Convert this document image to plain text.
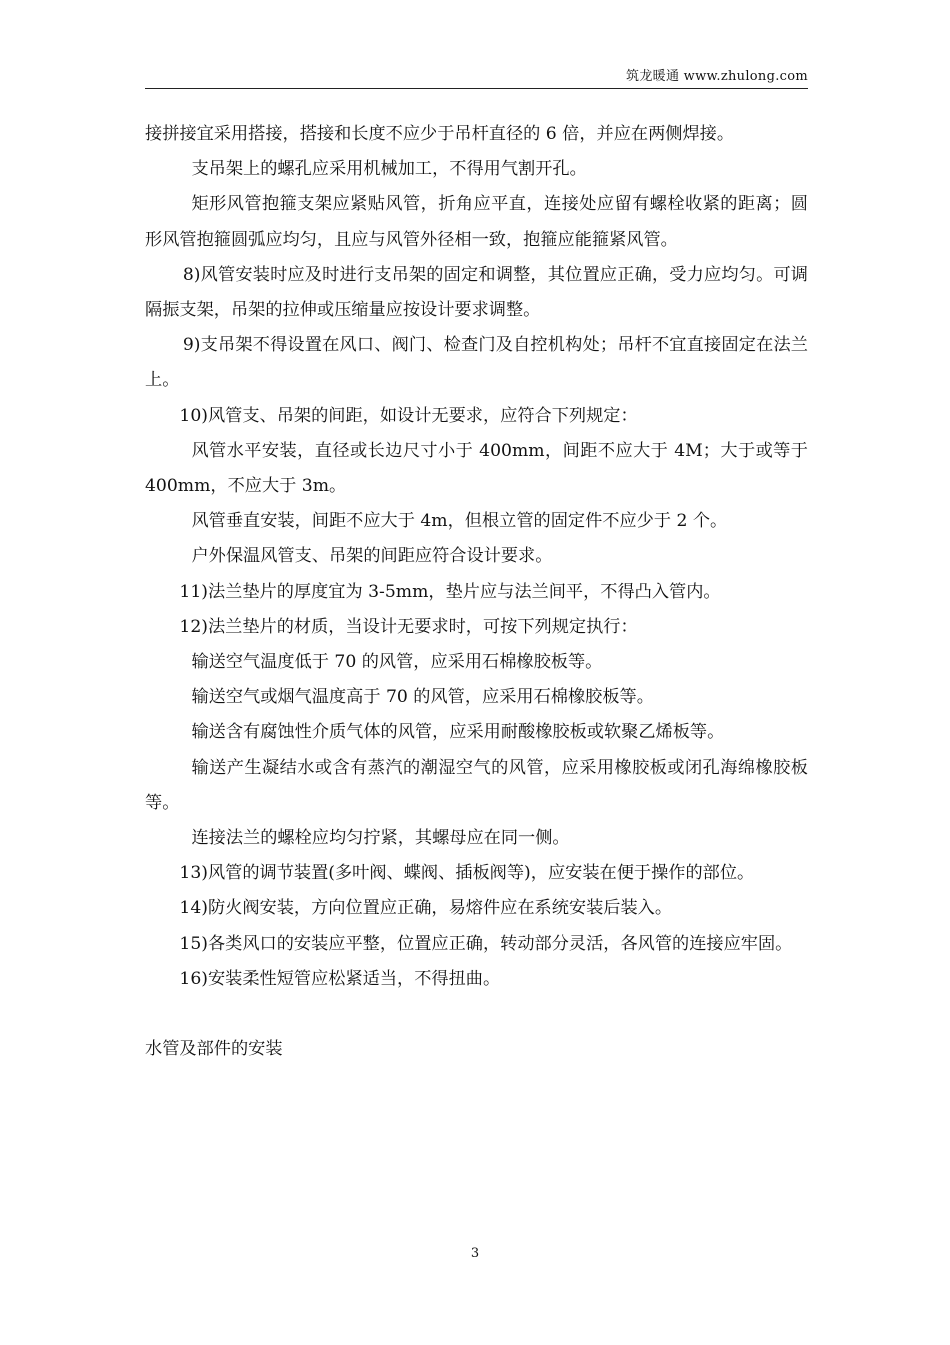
筑龙暖通 www.zhulong.com

接拼接宜采用搭接，搭接和长度不应少于吊杆直径的 6 倍，并应在两侧焊接。

支吊架上的螺孔应采用机械加工，不得用气割开孔。

矩形风管抱箍支架应紧贴风管，折角应平直，连接处应留有螺栓收紧的距离；圆形风管抱箍圆弧应均匀，且应与风管外径相一致，抱箍应能箍紧风管。

8)风管安装时应及时进行支吊架的固定和调整，其位置应正确，受力应均匀。可调隔振支架，吊架的拉伸或压缩量应按设计要求调整。

9)支吊架不得设置在风口、阀门、检查门及自控机构处；吊杆不宜直接固定在法兰上。

10)风管支、吊架的间距，如设计无要求，应符合下列规定：

风管水平安装，直径或长边尺寸小于 400mm，间距不应大于 4M；大于或等于 400mm，不应大于 3m。

风管垂直安装，间距不应大于 4m，但根立管的固定件不应少于 2 个。

户外保温风管支、吊架的间距应符合设计要求。

11)法兰垫片的厚度宜为 3-5mm，垫片应与法兰间平，不得凸入管内。

12)法兰垫片的材质，当设计无要求时，可按下列规定执行：

输送空气温度低于 70 的风管，应采用石棉橡胶板等。

输送空气或烟气温度高于 70 的风管，应采用石棉橡胶板等。

输送含有腐蚀性介质气体的风管，应采用耐酸橡胶板或软聚乙烯板等。

输送产生凝结水或含有蒸汽的潮湿空气的风管，应采用橡胶板或闭孔海绵橡胶板等。

连接法兰的螺栓应均匀拧紧，其螺母应在同一侧。

13)风管的调节装置(多叶阀、蝶阀、插板阀等)，应安装在便于操作的部位。

14)防火阀安装，方向位置应正确，易熔件应在系统安装后装入。

15)各类风口的安装应平整，位置应正确，转动部分灵活，各风管的连接应牢固。

16)安装柔性短管应松紧适当，不得扭曲。

水管及部件的安装

3
